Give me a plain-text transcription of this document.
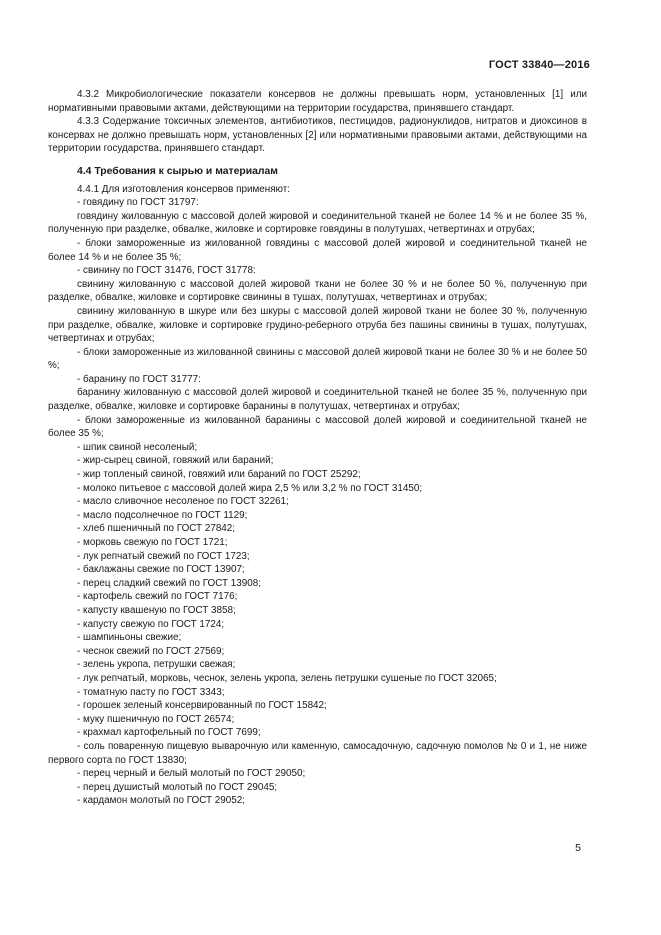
ГОСТ 33840—2016

4.3.2 Микробиологические показатели консервов не должны превышать норм, установленных [1] или нормативными правовыми актами, действующими на территории государства, принявшего стандарт.

4.3.3 Содержание токсичных элементов, антибиотиков, пестицидов, радионуклидов, нитратов и диоксинов в консервах не должно превышать норм, установленных [2] или нормативными правовыми актами, действующими на территории государства, принявшего стандарт.

4.4 Требования к сырью и материалам

4.4.1 Для изготовления консервов применяют:

- говядину по ГОСТ 31797:

говядину жилованную с массовой долей жировой и соединительной тканей не более 14 % и не более 35 %, полученную при разделке, обвалке, жиловке и сортировке говядины в полутушах, четвертинах и отрубах;

- блоки замороженные из жилованной говядины с массовой долей жировой и соединительной тканей не более 14 % и не более 35 %;

- свинину по ГОСТ 31476, ГОСТ 31778:

свинину жилованную с массовой долей жировой ткани не более 30 % и не более 50 %, полученную при разделке, обвалке, жиловке и сортировке свинины в тушах, полутушах, четвертинах и отрубах;

свинину жилованную в шкуре или без шкуры с массовой долей жировой ткани не более 30 %, полученную при разделке, обвалке, жиловке и сортировке грудино-реберного отруба без пашины свинины в тушах, полутушах, четвертинах и отрубах;

- блоки замороженные из жилованной свинины с массовой долей жировой ткани не более 30 % и не более 50 %;

- баранину по ГОСТ 31777:

баранину жилованную с массовой долей жировой и соединительной тканей не более 35 %, полученную при разделке, обвалке, жиловке и сортировке баранины в полутушах, четвертинах и отрубах;

- блоки замороженные из жилованной баранины с массовой долей жировой и соединительной тканей не более 35 %;

- шпик свиной несоленый;

- жир-сырец свиной, говяжий или бараний;

- жир топленый свиной, говяжий или бараний по ГОСТ 25292;

- молоко питьевое с массовой долей жира 2,5 % или 3,2 % по ГОСТ 31450;

- масло сливочное несоленое по ГОСТ 32261;

- масло подсолнечное по ГОСТ 1129;

- хлеб пшеничный по ГОСТ 27842;

- морковь свежую по ГОСТ 1721;

- лук репчатый свежий по ГОСТ 1723;

- баклажаны свежие по ГОСТ 13907;

- перец сладкий свежий по ГОСТ 13908;

- картофель свежий по ГОСТ 7176;

- капусту квашеную по ГОСТ 3858;

- капусту свежую по ГОСТ 1724;

- шампиньоны свежие;

- чеснок свежий по ГОСТ 27569;

- зелень укропа, петрушки свежая;

- лук репчатый, морковь, чеснок, зелень укропа, зелень петрушки сушеные по ГОСТ 32065;

- томатную пасту по ГОСТ 3343;

- горошек зеленый консервированный по ГОСТ 15842;

- муку пшеничную по ГОСТ 26574;

- крахмал картофельный по ГОСТ 7699;

- соль поваренную пищевую выварочную или каменную, самосадочную, садочную помолов № 0 и 1, не ниже первого сорта по ГОСТ 13830;

- перец черный и белый молотый по ГОСТ 29050;

- перец душистый молотый по ГОСТ 29045;

- кардамон молотый по ГОСТ 29052;

5
